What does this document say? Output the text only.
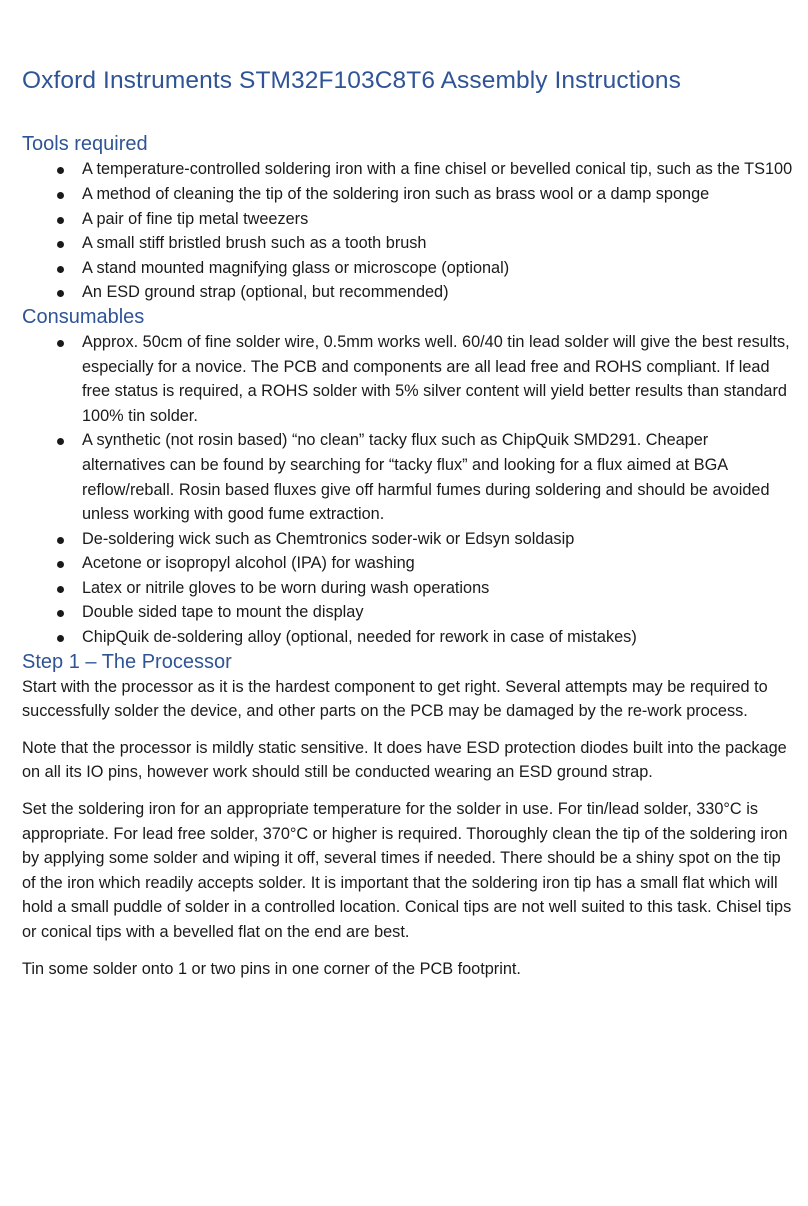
Oxford Instruments STM32F103C8T6 Assembly Instructions
Tools required
A temperature-controlled soldering iron with a fine chisel or bevelled conical tip, such as the TS100
A method of cleaning the tip of the soldering iron such as brass wool or a damp sponge
A pair of fine tip metal tweezers
A small stiff bristled brush such as a tooth brush
A stand mounted magnifying glass or microscope (optional)
An ESD ground strap (optional, but recommended)
Consumables
Approx. 50cm of fine solder wire, 0.5mm works well. 60/40 tin lead solder will give the best results, especially for a novice. The PCB and components are all lead free and ROHS compliant. If lead free status is required, a ROHS solder with 5% silver content will yield better results than standard 100% tin solder.
A synthetic (not rosin based) “no clean” tacky flux such as ChipQuik SMD291. Cheaper alternatives can be found by searching for “tacky flux” and looking for a flux aimed at BGA reflow/reball. Rosin based fluxes give off harmful fumes during soldering and should be avoided unless working with good fume extraction.
De-soldering wick such as Chemtronics soder-wik or Edsyn soldasip
Acetone or isopropyl alcohol (IPA) for washing
Latex or nitrile gloves to be worn during wash operations
Double sided tape to mount the display
ChipQuik de-soldering alloy (optional, needed for rework in case of mistakes)
Step 1 – The Processor

Start with the processor as it is the hardest component to get right. Several attempts may be required to successfully solder the device, and other parts on the PCB may be damaged by the re-work process.

Note that the processor is mildly static sensitive. It does have ESD protection diodes built into the package on all its IO pins, however work should still be conducted wearing an ESD ground strap.

Set the soldering iron for an appropriate temperature for the solder in use. For tin/lead solder, 330°C is appropriate. For lead free solder, 370°C or higher is required. Thoroughly clean the tip of the soldering iron by applying some solder and wiping it off, several times if needed. There should be a shiny spot on the tip of the iron which readily accepts solder. It is important that the soldering iron tip has a small flat which will hold a small puddle of solder in a controlled location. Conical tips are not well suited to this task. Chisel tips or conical tips with a bevelled flat on the end are best.

Tin some solder onto 1 or two pins in one corner of the PCB footprint.
